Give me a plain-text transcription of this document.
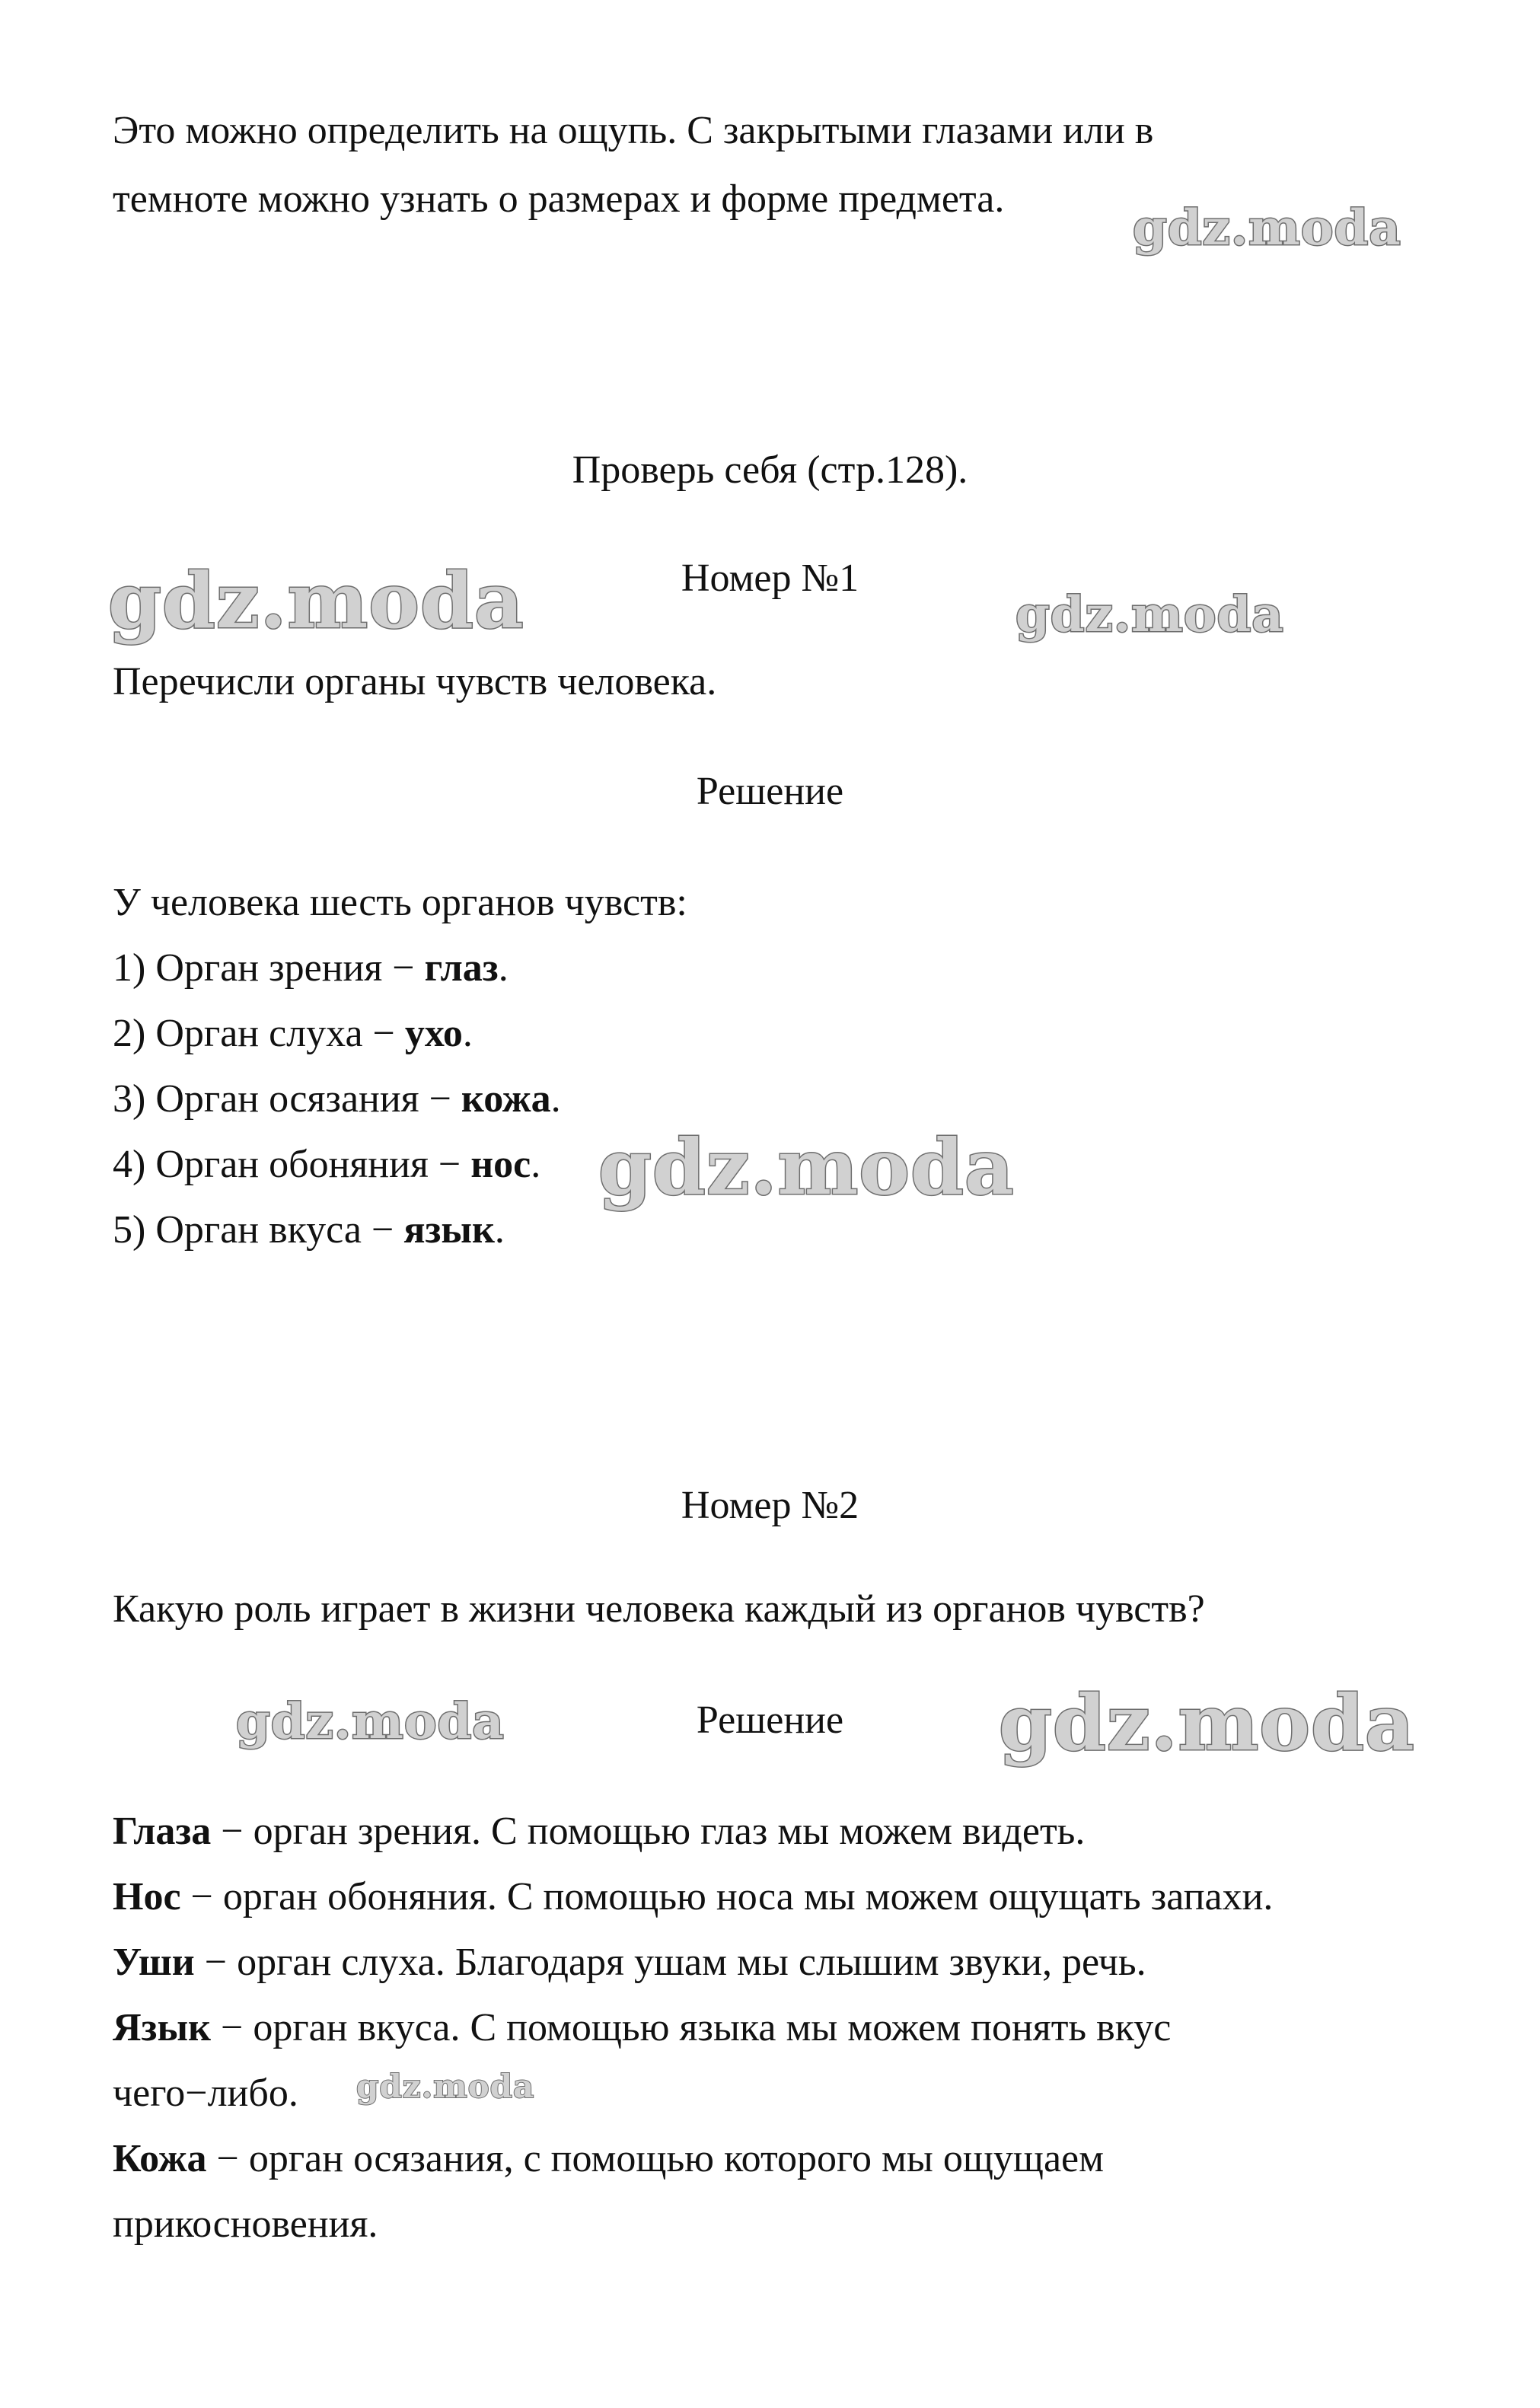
Это можно определить на ощупь. С закрытыми глазами или в
темноте можно узнать о размерах и форме предмета.
Проверь себя (стр.128).
Номер №1
Перечисли органы чувств человека.
Решение
У человека шесть органов чувств:
1) Орган зрения − глаз.
2) Орган слуха − ухо.
3) Орган осязания − кожа.
4) Орган обоняния − нос.
5) Орган вкуса − язык.
Номер №2
Какую роль играет в жизни человека каждый из органов чувств?
Решение
Глаза − орган зрения. С помощью глаз мы можем видеть.
Нос − орган обоняния. С помощью носа мы можем ощущать запахи.
Уши − орган слуха. Благодаря ушам мы слышим звуки, речь.
Язык − орган вкуса. С помощью языка мы можем понять вкус
чего−либо.
Кожа − орган осязания, с помощью которого мы ощущаем
прикосновения.
gdz.moda
gdz.moda	gdz.moda
gdz.moda
gdz.moda	gdz.moda
gdz.moda
